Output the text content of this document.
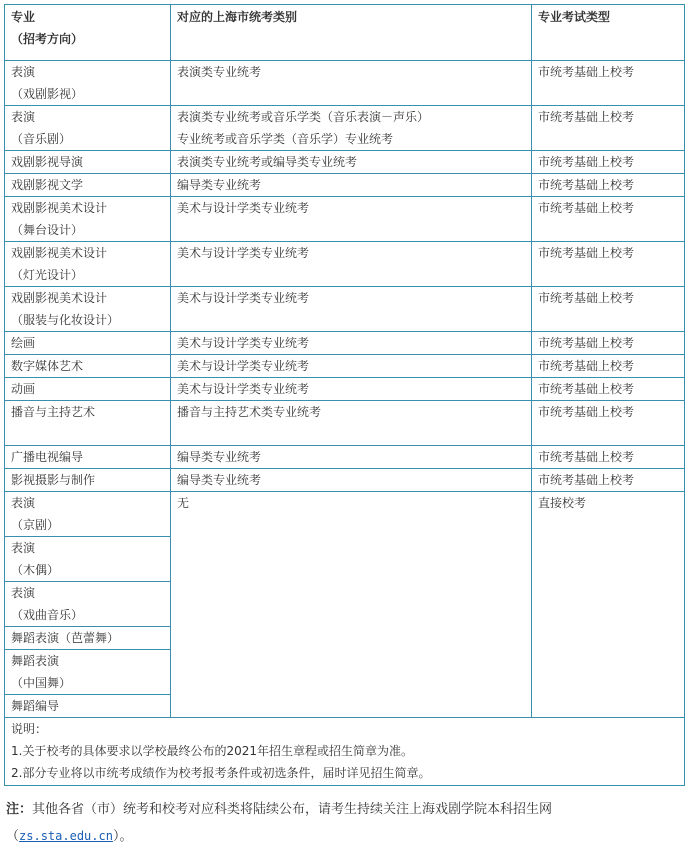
专业
（招考方向）	对应的上海市统考类别	专业考试类型

表演
（戏剧影视）	表演类专业统考	市统考基础上校考

表演
（音乐剧）	表演类专业统考或音乐学类（音乐表演－声乐）
专业统考或音乐学类（音乐学）专业统考	市统考基础上校考

戏剧影视导演	表演类专业统考或编导类专业统考	市统考基础上校考

戏剧影视文学	编导类专业统考	市统考基础上校考

戏剧影视美术设计
（舞台设计）	美术与设计学类专业统考	市统考基础上校考

戏剧影视美术设计
（灯光设计）	美术与设计学类专业统考	市统考基础上校考

戏剧影视美术设计
（服装与化妆设计）	美术与设计学类专业统考	市统考基础上校考

绘画	美术与设计学类专业统考	市统考基础上校考

数字媒体艺术	美术与设计学类专业统考	市统考基础上校考

动画	美术与设计学类专业统考	市统考基础上校考

播音与主持艺术	播音与主持艺术类专业统考	市统考基础上校考

广播电视编导	编导类专业统考	市统考基础上校考

影视摄影与制作	编导类专业统考	市统考基础上校考

表演
（京剧）	无	直接校考

表演
（木偶）		

表演
（戏曲音乐）		

舞蹈表演（芭蕾舞）		

舞蹈表演
（中国舞）		

舞蹈编导		

说明：
1.关于校考的具体要求以学校最终公布的2021年招生章程或招生简章为准。
2.部分专业将以市统考成绩作为校考报考条件或初选条件，届时详见招生简章。		
注：其他各省（市）统考和校考对应科类将陆续公布，请考生持续关注上海戏剧学院本科招生网
（zs.sta.edu.cn）。
